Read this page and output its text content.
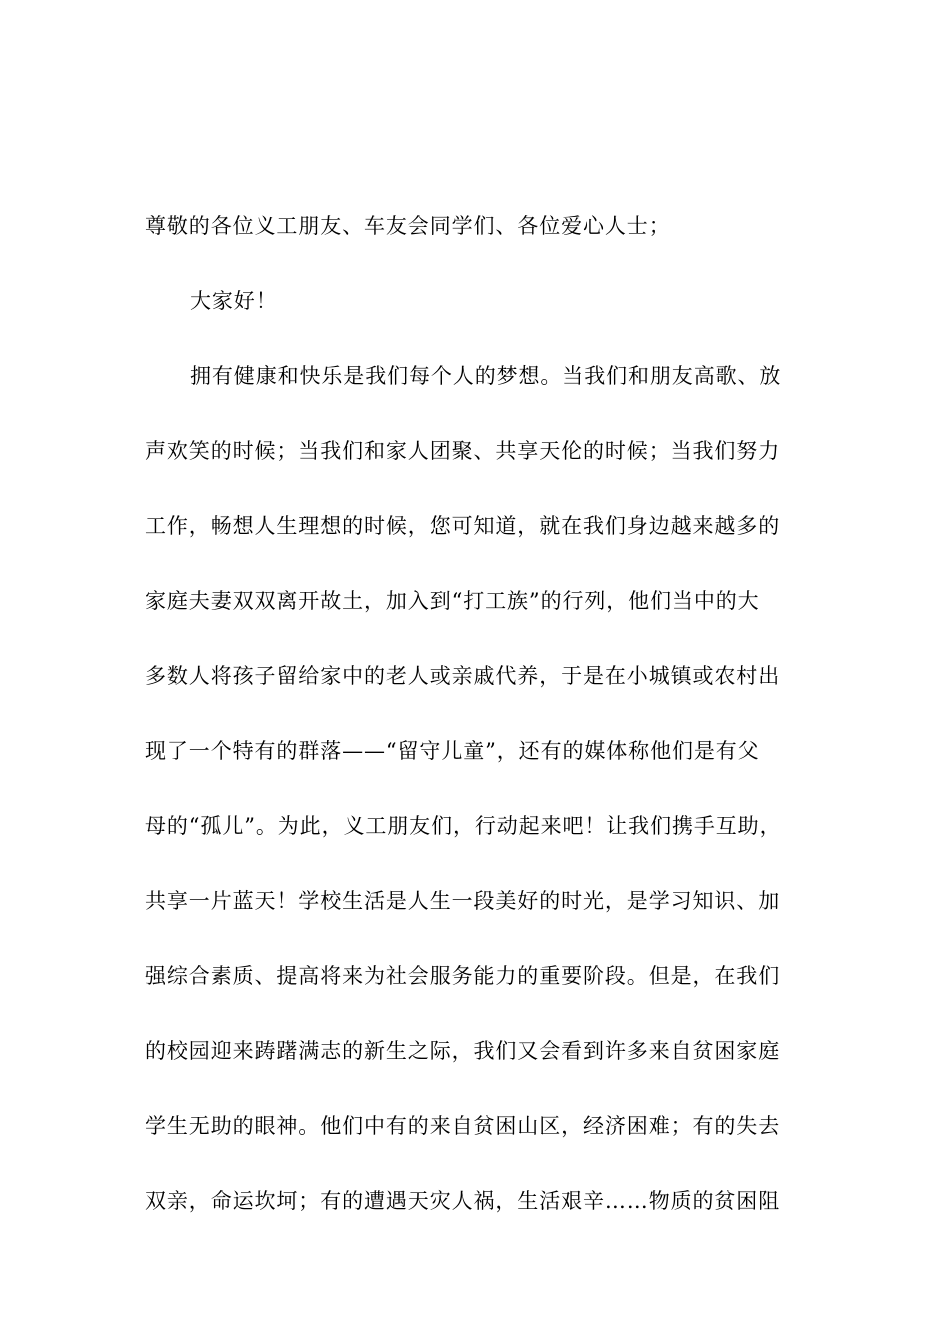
尊敬的各位义工朋友、车友会同学们、各位爱心人士；
大家好！
拥有健康和快乐是我们每个人的梦想。当我们和朋友高歌、放
声欢笑的时候；当我们和家人团聚、共享天伦的时候；当我们努力
工作，畅想人生理想的时候，您可知道，就在我们身边越来越多的
家庭夫妻双双离开故土，加入到“打工族”的行列，他们当中的大
多数人将孩子留给家中的老人或亲戚代养，于是在小城镇或农村出
现了一个特有的群落——“留守儿童”，还有的媒体称他们是有父
母的“孤儿”。为此，义工朋友们，行动起来吧！让我们携手互助，
共享一片蓝天！学校生活是人生一段美好的时光，是学习知识、加
强综合素质、提高将来为社会服务能力的重要阶段。但是，在我们
的校园迎来踌躇满志的新生之际，我们又会看到许多来自贫困家庭
学生无助的眼神。他们中有的来自贫困山区，经济困难；有的失去
双亲，命运坎坷；有的遭遇天灾人祸，生活艰辛……物质的贫困阻
